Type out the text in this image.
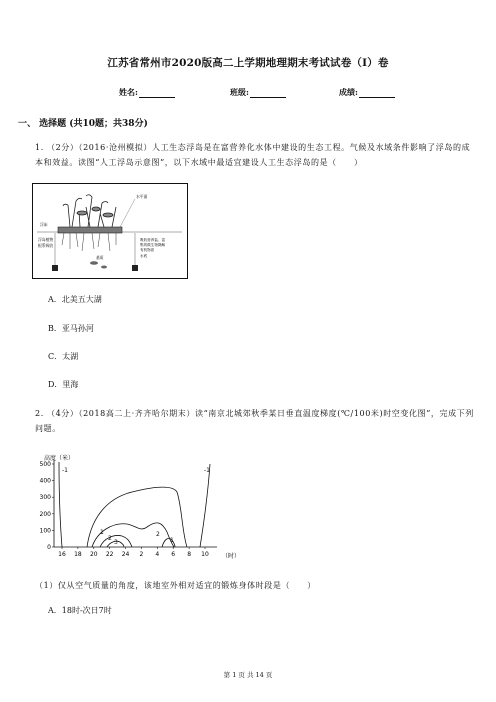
江苏省常州市2020版高二上学期地理期末考试试卷（I）卷
姓名:	班级:	成绩:
一、 选择题 (共10题；共38分)
1. （2分）（2016·沧州模拟）人工生态浮岛是在富营养化水体中建设的生态工程。气候及水域条件影响了浮岛的成本和效益。读图“人工浮岛示意图”，以下水域中最适宜建设人工生态浮岛的是（　　）
水平面
浮床
浮岛植物
根系吸收
基质
吸收营养盐、富
集的微生物降解
有机物质
水底
A．北美五大湖
B．亚马孙河
C．太湖
D．里海
2. （4分）（2018高二上·齐齐哈尔期末）读“南京北城郊秋季某日垂直温度梯度(℃/100米)时空变化图”，完成下列问题。
0
100
200
300
400
500
16 18 20 22 24 2 4 6 8 10
-1	-1
1
2
3
2
1
高度（米）
（时）
（1）仅从空气质量的角度，该地室外相对适宜的锻炼身体时段是（　　）
A．18时-次日7时
第 1 页 共 14 页
